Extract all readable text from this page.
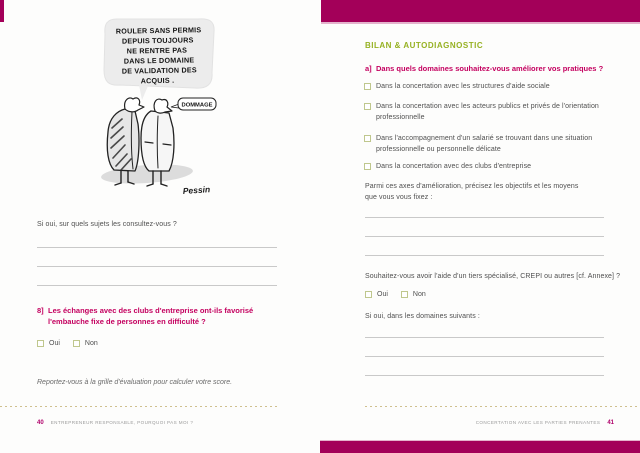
ROULER SANS PERMIS
DEPUIS TOUJOURS
NE RENTRE PAS
DANS LE DOMAINE
DE VALIDATION DES
ACQUIS .
DOMMAGE
Pessin
Si oui, sur quels sujets les consultez-vous ?
8] Les échanges avec des clubs d'entreprise ont-ils favorisé
l'embauche fixe de personnes en difficulté ?
Oui	Non
Reportez-vous à la grille d'évaluation pour calculer votre score.
40 ENTREPRENEUR RESPONSABLE, POURQUOI PAS MOI ?
BILAN & AUTODIAGNOSTIC
a] Dans quels domaines souhaitez-vous améliorer vos pratiques ?
Dans la concertation avec les structures d'aide sociale
Dans la concertation avec les acteurs publics et privés de l'orientation
professionnelle
Dans l'accompagnement d'un salarié se trouvant dans une situation
professionnelle ou personnelle délicate
Dans la concertation avec des clubs d'entreprise
Parmi ces axes d'amélioration, précisez les objectifs et les moyens
que vous vous fixez :
Souhaitez-vous avoir l'aide d'un tiers spécialisé, CREPI ou autres [cf. Annexe] ?
Oui	Non
Si oui, dans les domaines suivants :
CONCERTATION AVEC LES PARTIES PRENANTES 41
